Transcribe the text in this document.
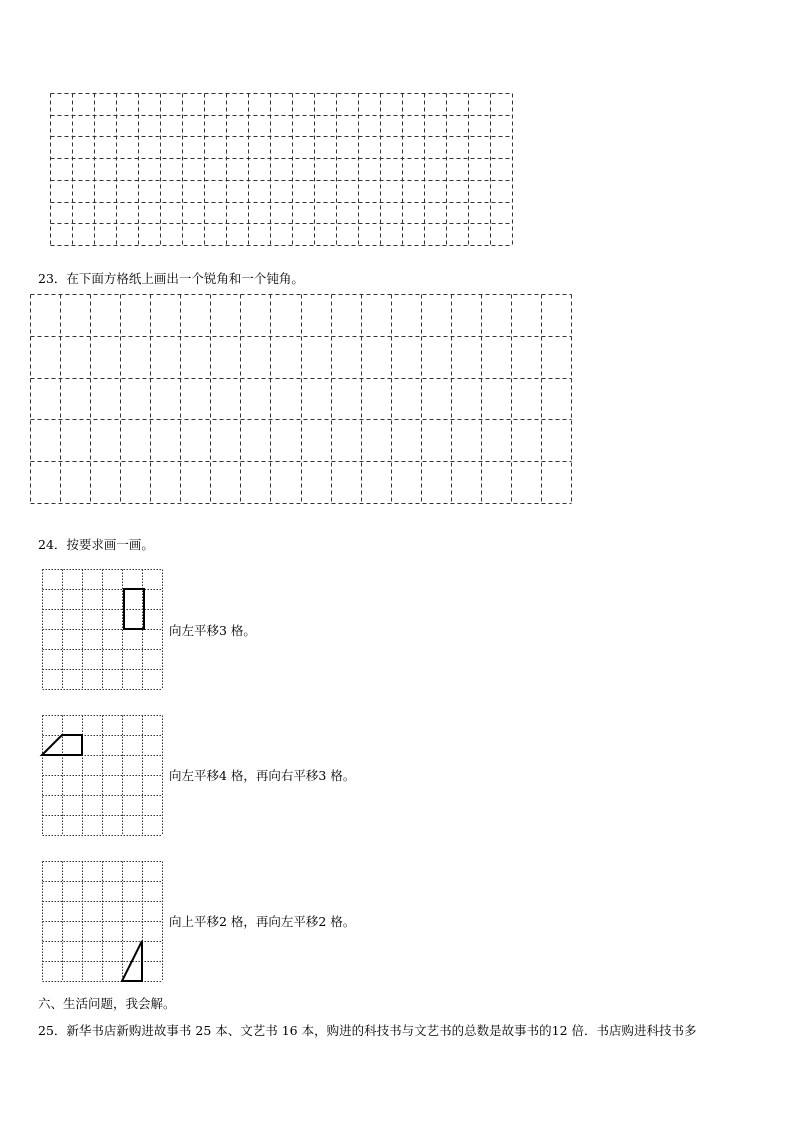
23．在下面方格纸上画出一个锐角和一个钝角。
24．按要求画一画。
向左平移3 格。
向左平移4 格，再向右平移3 格。
向上平移2 格，再向左平移2 格。
六、生活问题，我会解。
25．新华书店新购进故事书 25 本、文艺书 16 本，购进的科技书与文艺书的总数是故事书的12 倍．书店购进科技书多
